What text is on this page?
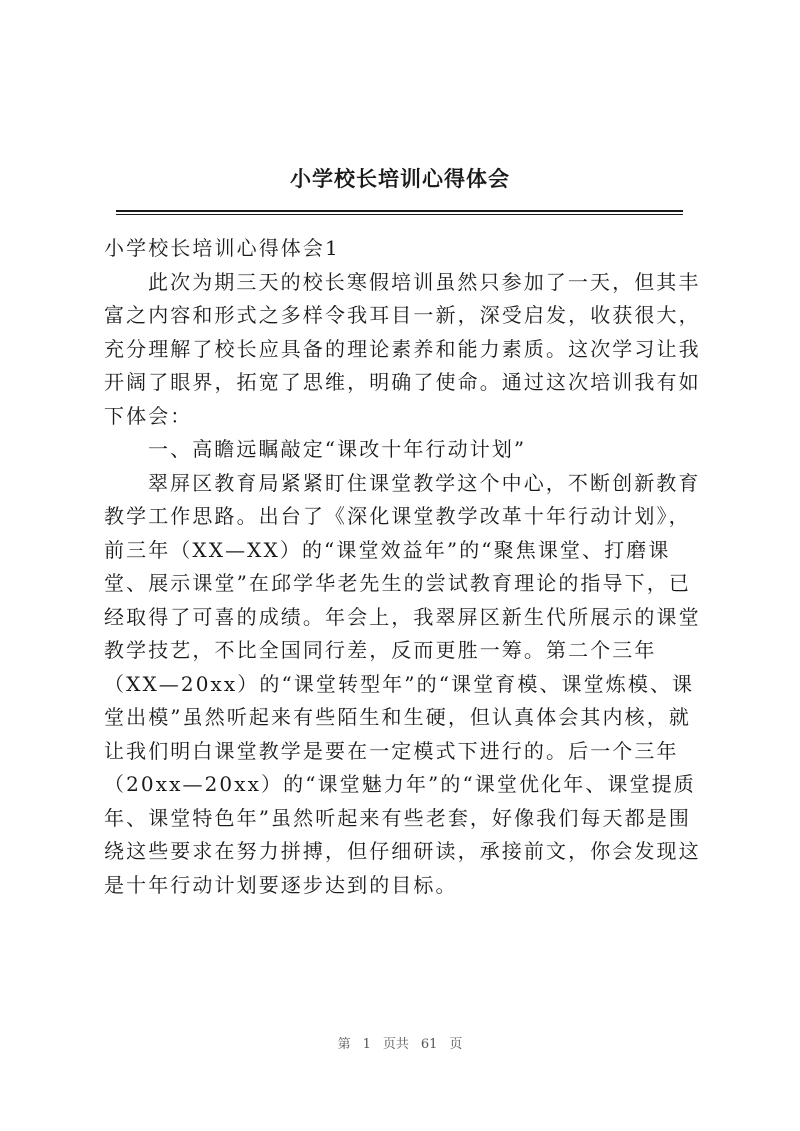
小学校长培训心得体会

小学校长培训心得体会1

此次为期三天的校长寒假培训虽然只参加了一天，但其丰富之内容和形式之多样令我耳目一新，深受启发，收获很大，充分理解了校长应具备的理论素养和能力素质。这次学习让我开阔了眼界，拓宽了思维，明确了使命。通过这次培训我有如下体会：

一、高瞻远瞩敲定“课改十年行动计划”

翠屏区教育局紧紧盯住课堂教学这个中心，不断创新教育教学工作思路。出台了《深化课堂教学改革十年行动计划》，前三年（XX—XX）的“课堂效益年”的“聚焦课堂、打磨课堂、展示课堂”在邱学华老先生的尝试教育理论的指导下，已经取得了可喜的成绩。年会上，我翠屏区新生代所展示的课堂教学技艺，不比全国同行差，反而更胜一筹。第二个三年（XX—20xx）的“课堂转型年”的“课堂育模、课堂炼模、课堂出模”虽然听起来有些陌生和生硬，但认真体会其内核，就让我们明白课堂教学是要在一定模式下进行的。后一个三年（20xx—20xx）的“课堂魅力年”的“课堂优化年、课堂提质年、课堂特色年”虽然听起来有些老套，好像我们每天都是围绕这些要求在努力拼搏，但仔细研读，承接前文，你会发现这是十年行动计划要逐步达到的目标。

第 1 页共 61 页
